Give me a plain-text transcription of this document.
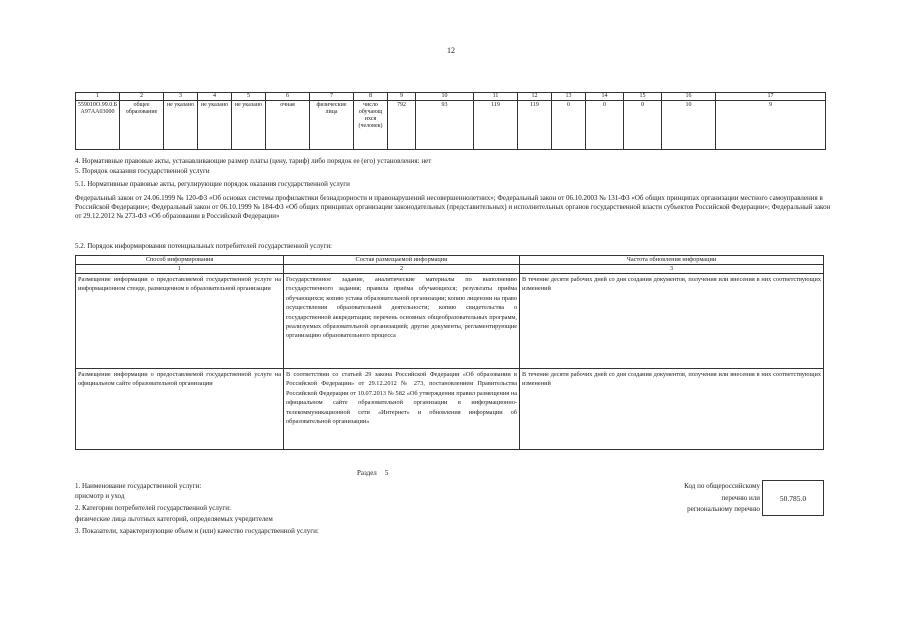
12
1	2	3	4	5	6	7	8	9	10	11	12	13	14	15	16	17
559010О.99.0.Б А97АА03000	общее образование	не указано	не указано	не указано	очная	физические лица	число обучающ ихся (человек)	792	93	119	119	0	0	0	10	9
4. Нормативные правовые акты, устанавливающие размер платы (цену, тариф) либо порядок ее (его) установления: нет
5. Порядок оказания государственной услуги
5.1. Нормативные правовые акты, регулирующие порядок оказания государственной услуги
Федеральный закон от 24.06.1999 № 120-ФЗ «Об основах системы профилактики безнадзорности и правонарушений несовершеннолетних»; Федеральный закон от 06.10.2003 № 131-ФЗ «Об общих принципах организации местного самоуправления в Российской Федерации»; Федеральный закон от 06.10.1999 № 184-ФЗ «Об общих принципах организации законодательных (представительных) и исполнительных органов государственной власти субъектов Российской Федерации»; Федеральный закон от 29.12.2012 № 273-ФЗ «Об образовании в Российской Федерации»
5.2. Порядок информирования потенциальных потребителей государственной услуги:
Способ информирования	Состав размещаемой информации	Частота обновления информации
1	2	3
Размещение информации о предоставляемой государственной услуге на информационном стенде, размещенном в образовательной организации	Государственное задание, аналитические материалы по выполнению государственного задания; правила приёма обучающихся; результаты приёма обучающихся; копию устава образовательной организации; копию лицензии на право осуществления образовательной деятельности; копию свидетельства о государственной аккредитации; перечень основных общеобразовательных программ, реализуемых образовательной организацией; другие документы, регламентирующие организацию образовательного процесса	В течение десяти рабочих дней со дня создания документов, получения или внесения в них соответствующих изменений
Размещение информации о предоставляемой государственной услуге на официальном сайте образовательной организации	В соответствии со статьей 29 закона Российской Федерации «Об образовании в Российской Федерации» от 29.12.2012 № 273, постановлением Правительства Российской Федерации от 10.07.2013 № 582 «Об утверждении правил размещения на официальном сайте образовательной организации в информационно-телекоммуникационной сети «Интернет» и обновления информации об образовательной организации»	В течение десяти рабочих дней со дня создания документов, получения или внесения в них соответствующих изменений
Раздел 5
1. Наименование государственной услуги:
присмотр и уход
2. Категории потребителей государственной услуги:
физические лица льготных категорий, определяемых учредителем
3. Показатели, характеризующие объем и (или) качество государственной услуги:
Код по общероссийскому
перечню или
региональному перечню
50.785.0
